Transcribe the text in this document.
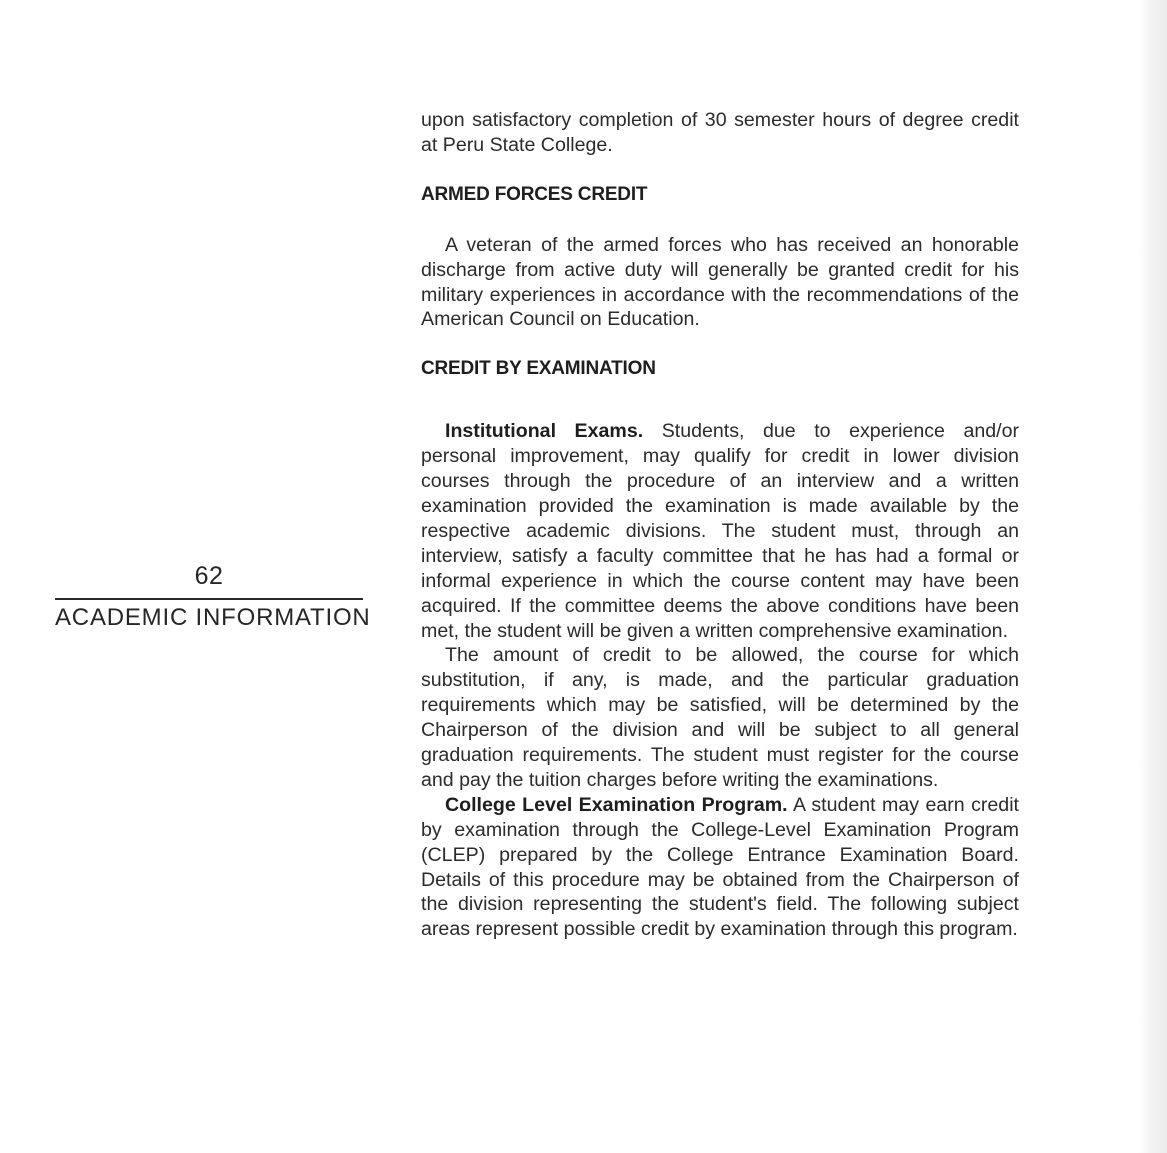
62
ACADEMIC INFORMATION

upon satisfactory completion of 30 semester hours of degree credit at Peru State College.

ARMED FORCES CREDIT

A veteran of the armed forces who has received an honorable discharge from active duty will generally be granted credit for his military experiences in accordance with the recommendations of the American Council on Education.

CREDIT BY EXAMINATION

Institutional Exams. Students, due to experience and/or personal improvement, may qualify for credit in lower division courses through the procedure of an interview and a written examination provided the examination is made available by the respective academic divisions. The student must, through an interview, satisfy a faculty committee that he has had a formal or informal experience in which the course content may have been acquired. If the committee deems the above conditions have been met, the student will be given a written comprehensive examination.

The amount of credit to be allowed, the course for which substitution, if any, is made, and the particular graduation requirements which may be satisfied, will be determined by the Chairperson of the division and will be subject to all general graduation requirements. The student must register for the course and pay the tuition charges before writing the examinations.

College Level Examination Program. A student may earn credit by examination through the College-Level Examination Program (CLEP) prepared by the College Entrance Examination Board. Details of this procedure may be obtained from the Chairperson of the division representing the student's field. The following subject areas represent possible credit by examination through this program.
